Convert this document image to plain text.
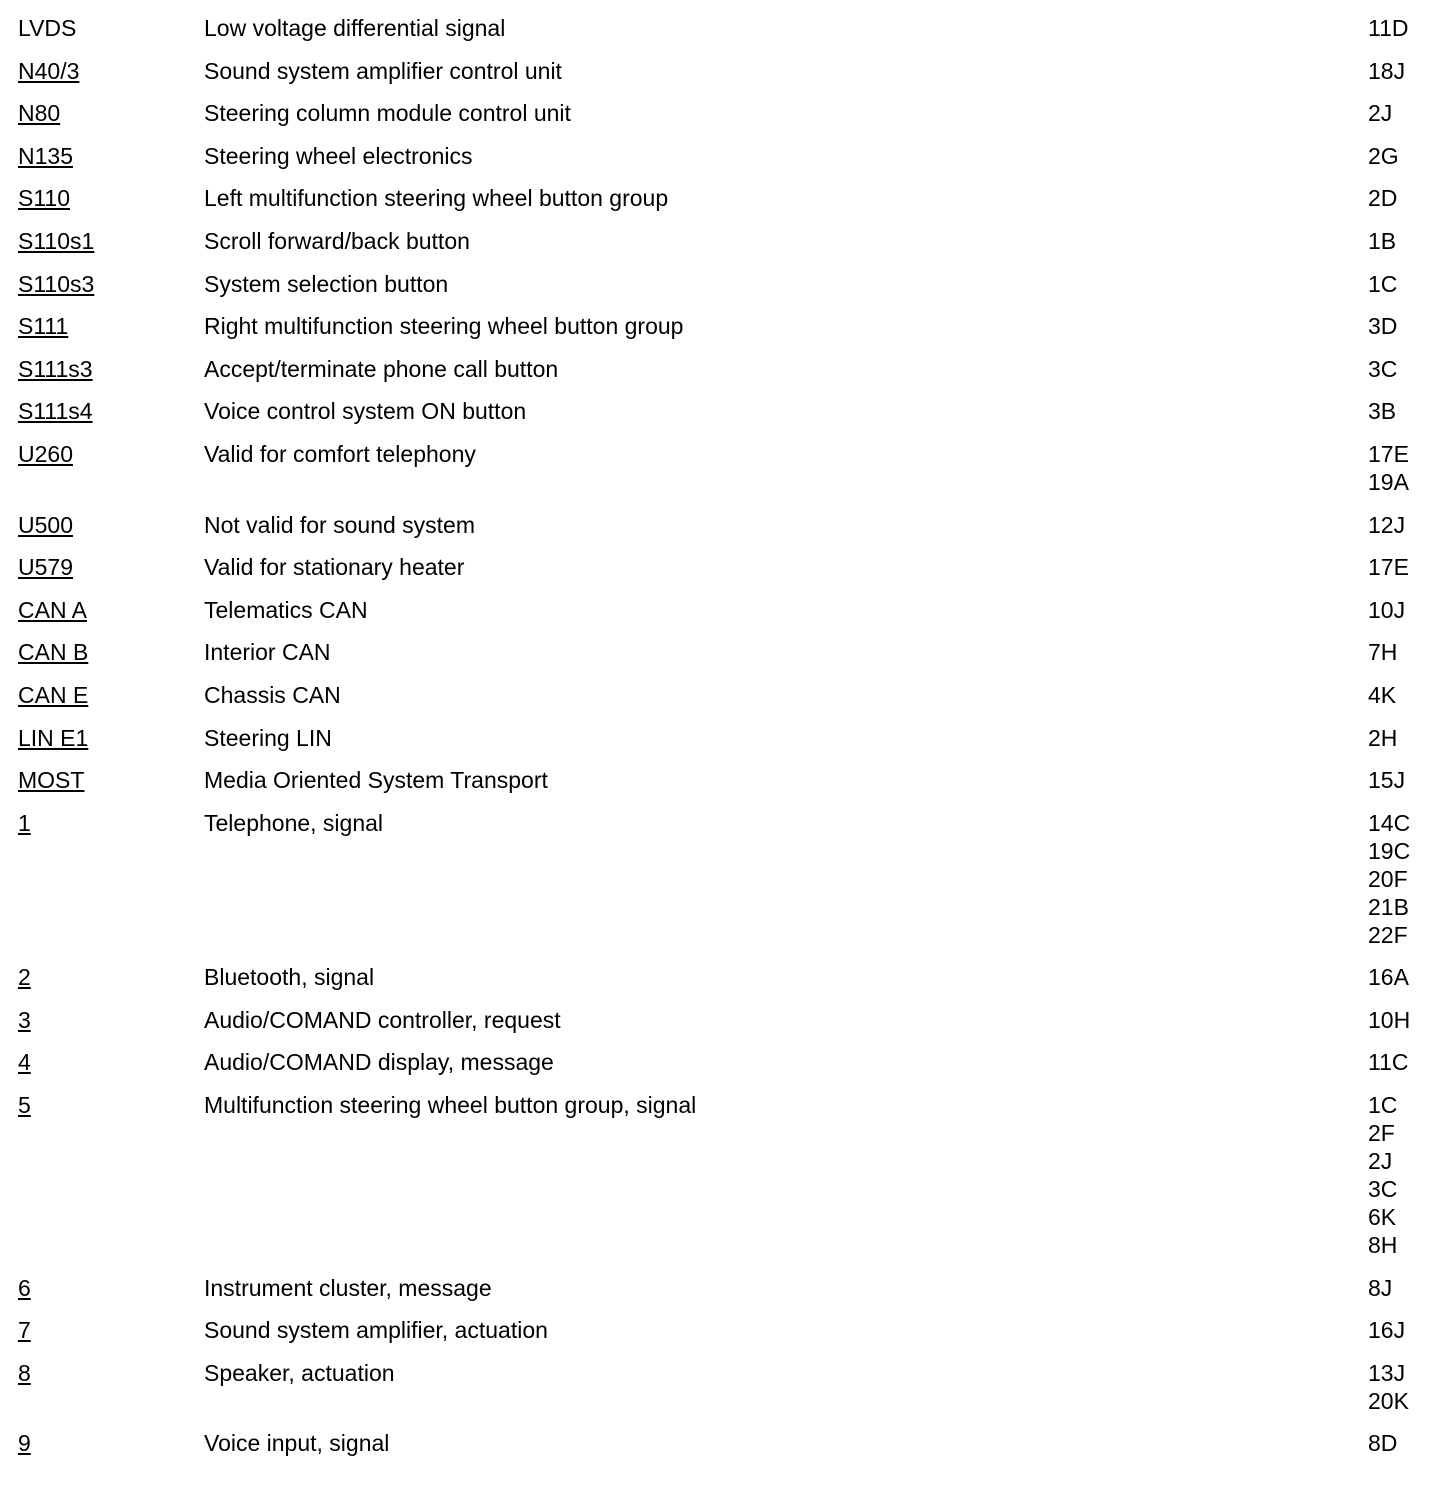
LVDS	Low voltage differential signal	11D
N40/3	Sound system amplifier control unit	18J
N80	Steering column module control unit	2J
N135	Steering wheel electronics	2G
S110	Left multifunction steering wheel button group	2D
S110s1	Scroll forward/back button	1B
S110s3	System selection button	1C
S111	Right multifunction steering wheel button group	3D
S111s3	Accept/terminate phone call button	3C
S111s4	Voice control system ON button	3B
U260	Valid for comfort telephony	17E
19A
U500	Not valid for sound system	12J
U579	Valid for stationary heater	17E
CAN A	Telematics CAN	10J
CAN B	Interior CAN	7H
CAN E	Chassis CAN	4K
LIN E1	Steering LIN	2H
MOST	Media Oriented System Transport	15J
1	Telephone, signal	14C
19C
20F
21B
22F
2	Bluetooth, signal	16A
3	Audio/COMAND controller, request	10H
4	Audio/COMAND display, message	11C
5	Multifunction steering wheel button group, signal	1C
2F
2J
3C
6K
8H
6	Instrument cluster, message	8J
7	Sound system amplifier, actuation	16J
8	Speaker, actuation	13J
20K
9	Voice input, signal	8D
